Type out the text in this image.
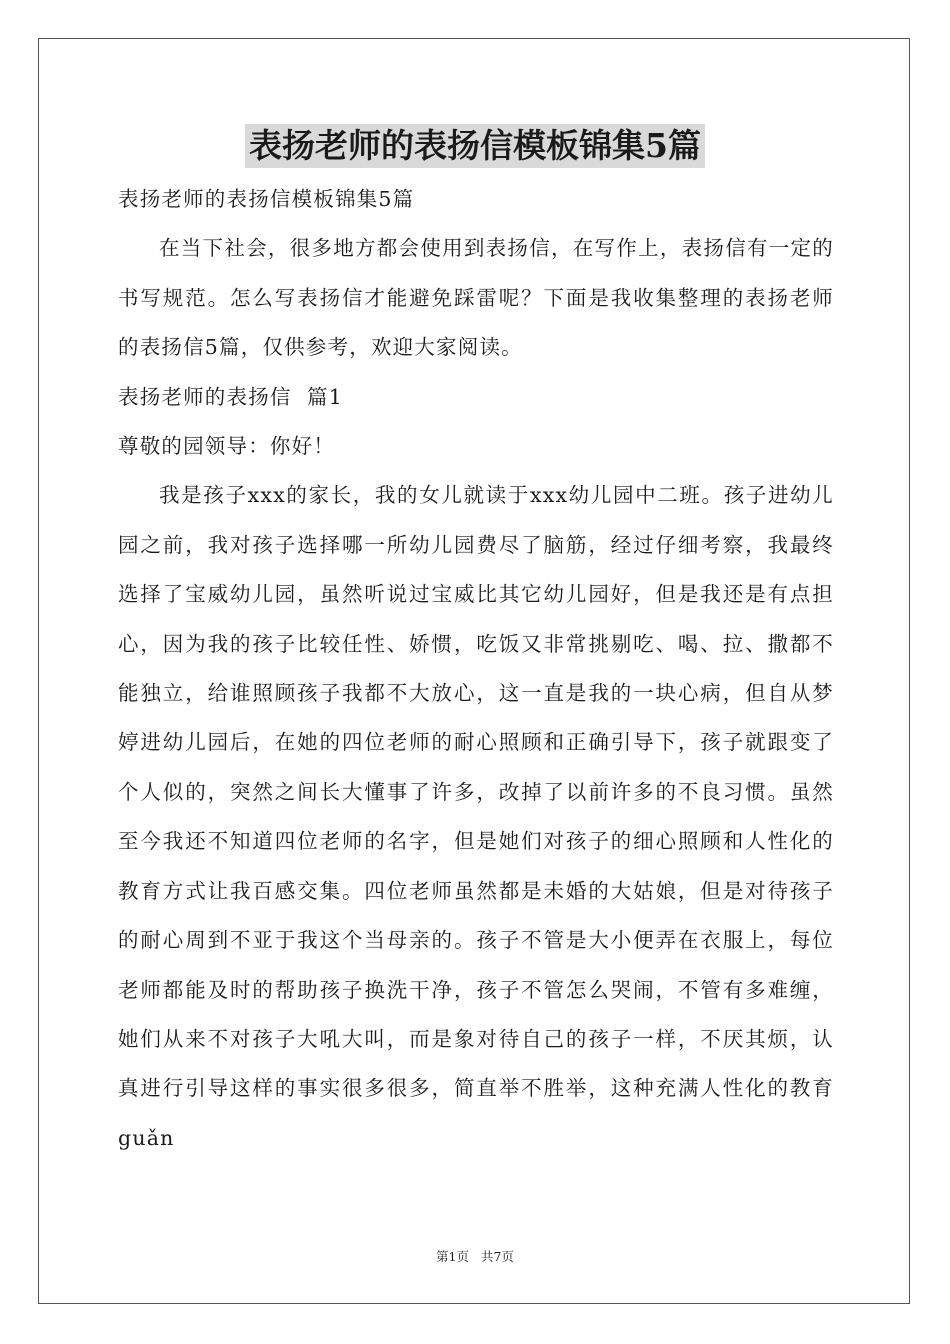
表扬老师的表扬信模板锦集5篇

表扬老师的表扬信模板锦集5篇

在当下社会，很多地方都会使用到表扬信，在写作上，表扬信有一定的书写规范。怎么写表扬信才能避免踩雷呢？下面是我收集整理的表扬老师的表扬信5篇，仅供参考，欢迎大家阅读。

表扬老师的表扬信  篇1

尊敬的园领导：你好！

我是孩子xxx的家长，我的女儿就读于xxx幼儿园中二班。孩子进幼儿园之前，我对孩子选择哪一所幼儿园费尽了脑筋，经过仔细考察，我最终选择了宝威幼儿园，虽然听说过宝威比其它幼儿园好，但是我还是有点担心，因为我的孩子比较任性、娇惯，吃饭又非常挑剔吃、喝、拉、撒都不能独立，给谁照顾孩子我都不大放心，这一直是我的一块心病，但自从梦婷进幼儿园后，在她的四位老师的耐心照顾和正确引导下，孩子就跟变了个人似的，突然之间长大懂事了许多，改掉了以前许多的不良习惯。虽然至今我还不知道四位老师的名字，但是她们对孩子的细心照顾和人性化的教育方式让我百感交集。四位老师虽然都是未婚的大姑娘，但是对待孩子的耐心周到不亚于我这个当母亲的。孩子不管是大小便弄在衣服上，每位老师都能及时的帮助孩子换洗干净，孩子不管怎么哭闹，不管有多难缠，她们从来不对孩子大吼大叫，而是象对待自己的孩子一样，不厌其烦，认真进行引导这样的事实很多很多，简直举不胜举，这种充满人性化的教育guǎn

第1页 共7页
